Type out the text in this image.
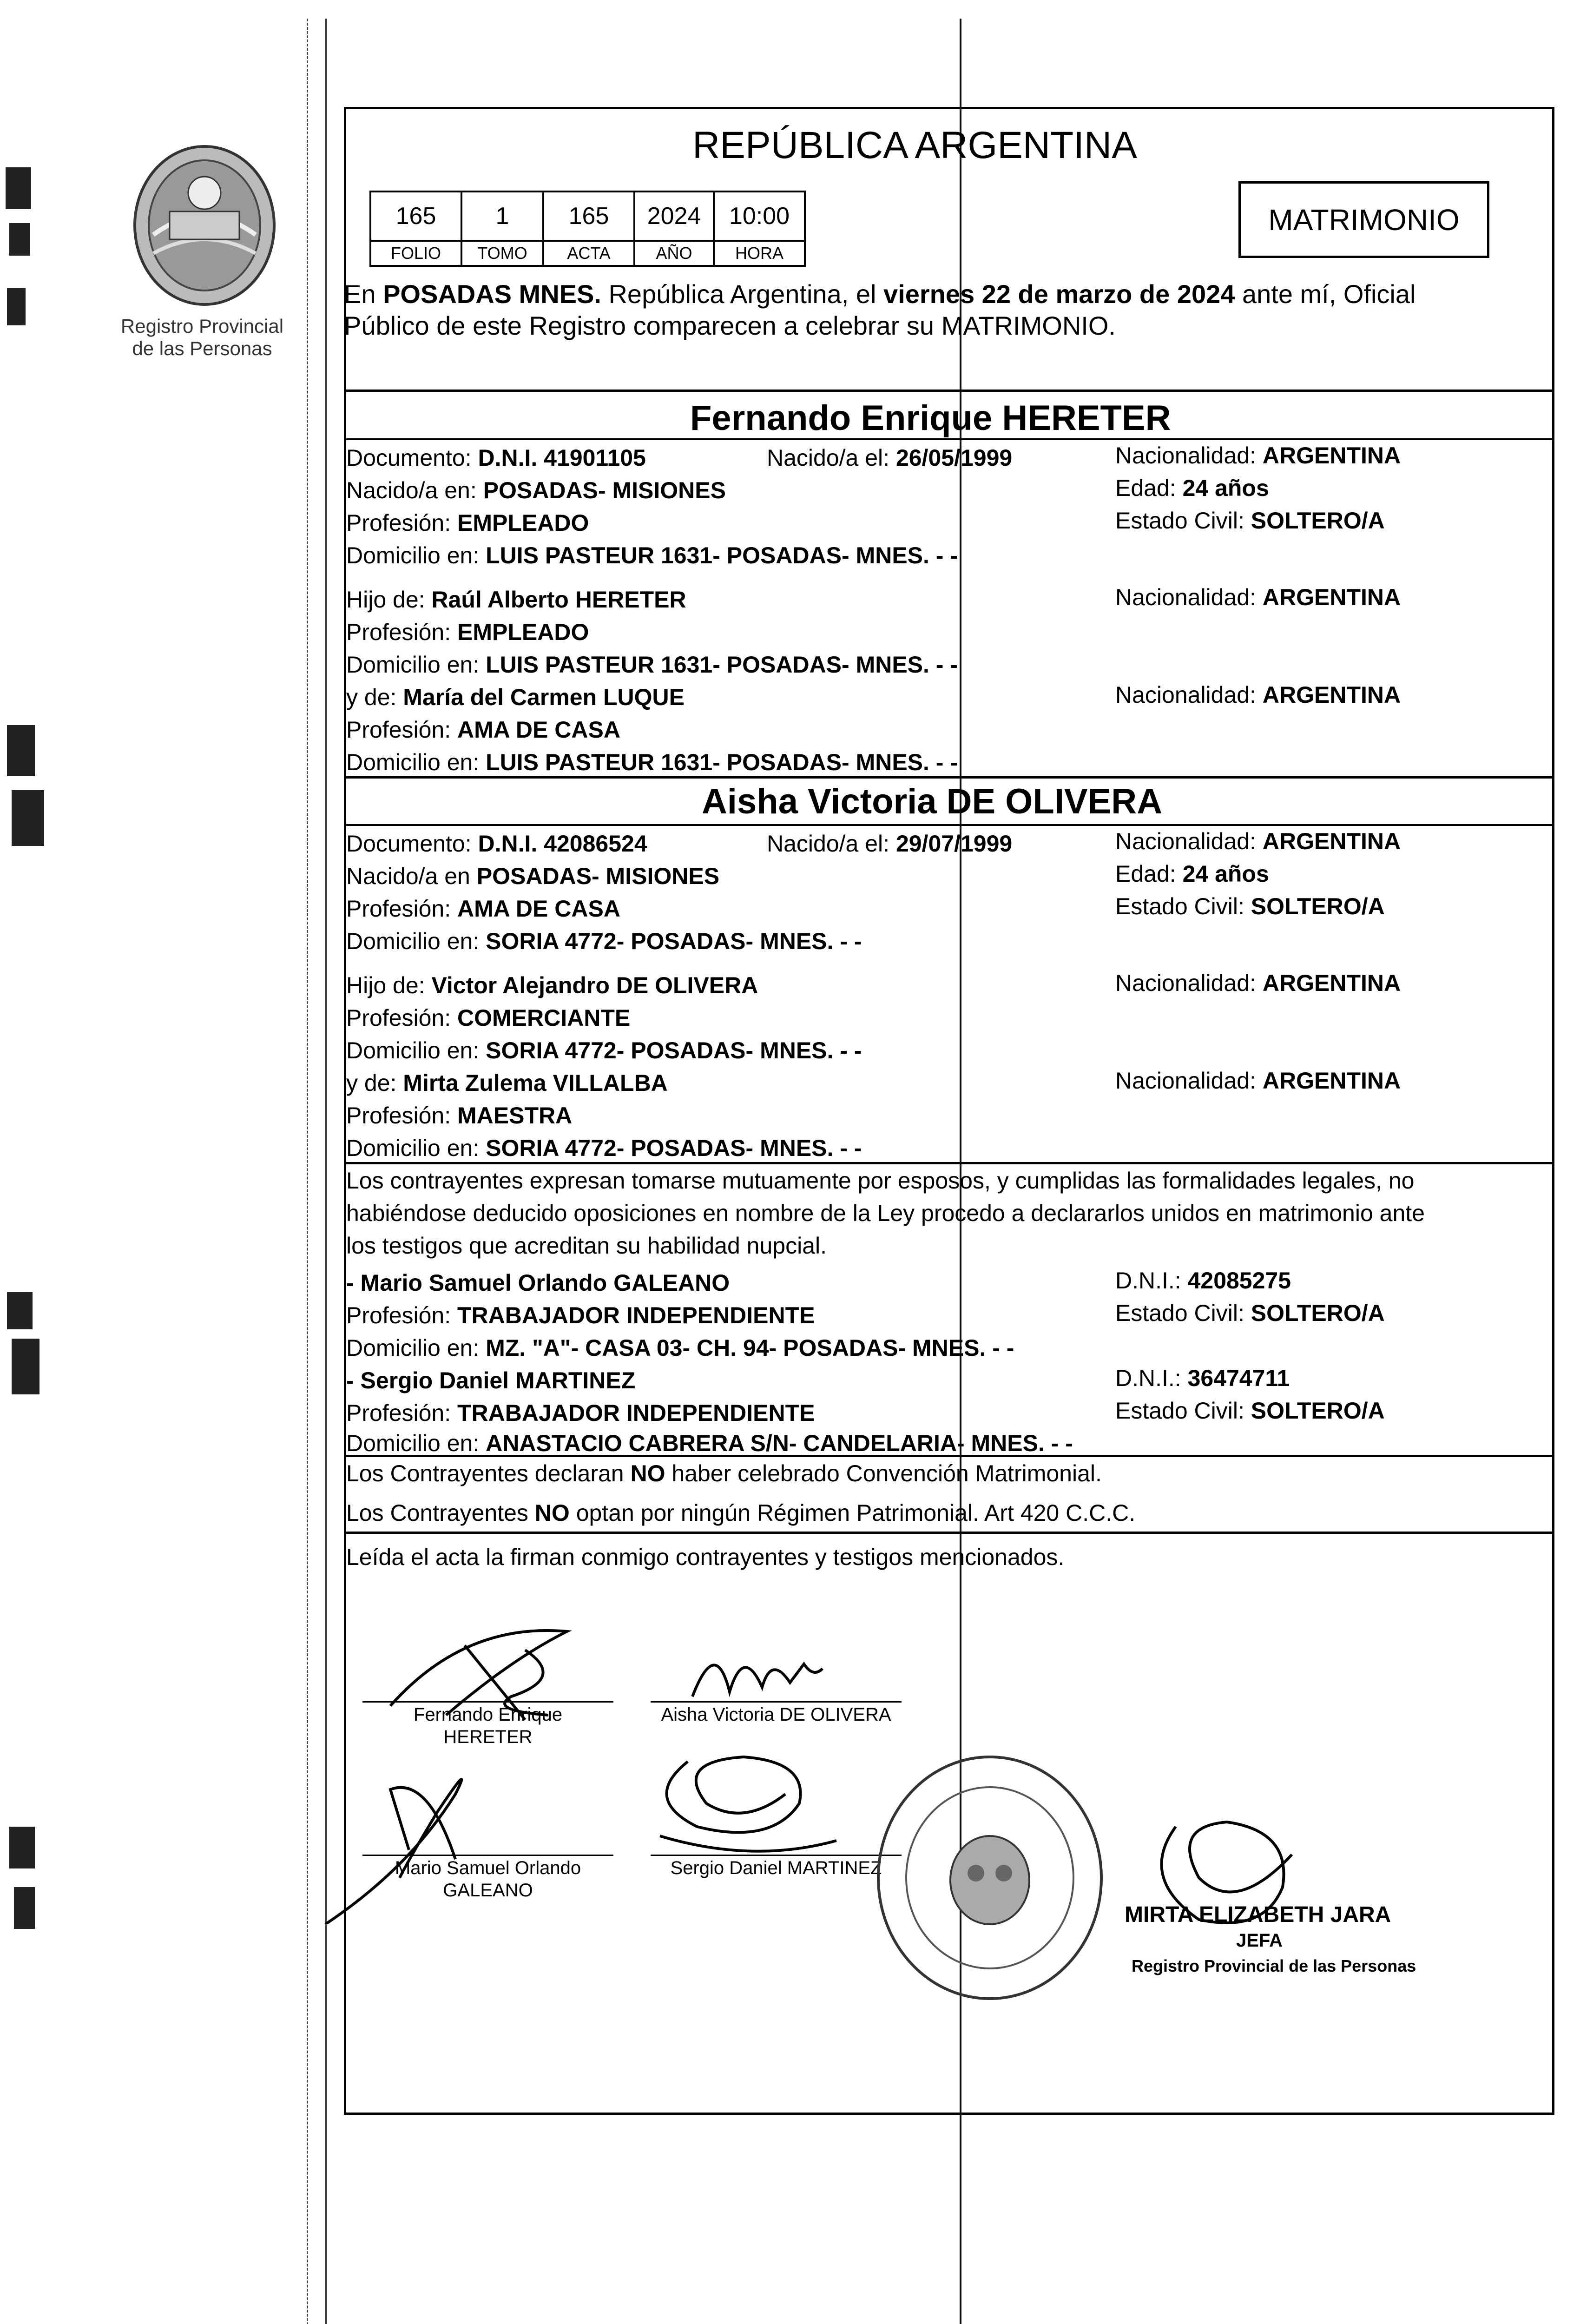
Registro Provincial
de las Personas
REPÚBLICA ARGENTINA
MATRIMONIO
165	1	165	2024	10:00
FOLIO	TOMO	ACTA	AÑO	HORA
En POSADAS MNES. República Argentina, el viernes 22 de marzo de 2024 ante mí, Oficial
Público de este Registro comparecen a celebrar su MATRIMONIO.
Fernando Enrique HERETER
Documento: D.N.I. 41901105	Nacido/a el: 26/05/1999	Nacionalidad: ARGENTINA
Nacido/a en: POSADAS- MISIONES	Edad: 24 años
Profesión: EMPLEADO	Estado Civil: SOLTERO/A
Domicilio en: LUIS PASTEUR 1631- POSADAS- MNES. - -
Hijo de: Raúl Alberto HERETER	Nacionalidad: ARGENTINA
Profesión: EMPLEADO
Domicilio en: LUIS PASTEUR 1631- POSADAS- MNES. - -
y de: María del Carmen LUQUE	Nacionalidad: ARGENTINA
Profesión: AMA DE CASA
Domicilio en: LUIS PASTEUR 1631- POSADAS- MNES. - -
Aisha Victoria DE OLIVERA
Documento: D.N.I. 42086524	Nacido/a el: 29/07/1999	Nacionalidad: ARGENTINA
Nacido/a en POSADAS- MISIONES	Edad: 24 años
Profesión: AMA DE CASA	Estado Civil: SOLTERO/A
Domicilio en: SORIA 4772- POSADAS- MNES. - -
Hijo de: Victor Alejandro DE OLIVERA	Nacionalidad: ARGENTINA
Profesión: COMERCIANTE
Domicilio en: SORIA 4772- POSADAS- MNES. - -
y de: Mirta Zulema VILLALBA	Nacionalidad: ARGENTINA
Profesión: MAESTRA
Domicilio en: SORIA 4772- POSADAS- MNES. - -
Los contrayentes expresan tomarse mutuamente por esposos, y cumplidas las formalidades legales, no
habiéndose deducido oposiciones en nombre de la Ley procedo a declararlos unidos en matrimonio ante
los testigos que acreditan su habilidad nupcial.
- Mario Samuel Orlando GALEANO	D.N.I.: 42085275
Profesión: TRABAJADOR INDEPENDIENTE	Estado Civil: SOLTERO/A
Domicilio en: MZ. "A"- CASA 03- CH. 94- POSADAS- MNES. - -
- Sergio Daniel MARTINEZ	D.N.I.: 36474711
Profesión: TRABAJADOR INDEPENDIENTE	Estado Civil: SOLTERO/A
Domicilio en: ANASTACIO CABRERA S/N- CANDELARIA- MNES. - -
Los Contrayentes declaran NO haber celebrado Convención Matrimonial.
Los Contrayentes NO optan por ningún Régimen Patrimonial. Art 420 C.C.C.
Leída el acta la firman conmigo contrayentes y testigos mencionados.
Fernando Enrique
HERETER
Aisha Victoria DE OLIVERA
Mario Samuel Orlando
GALEANO
Sergio Daniel MARTINEZ
MIRTA ELIZABETH JARA
JEFA
Registro Provincial de las Personas
